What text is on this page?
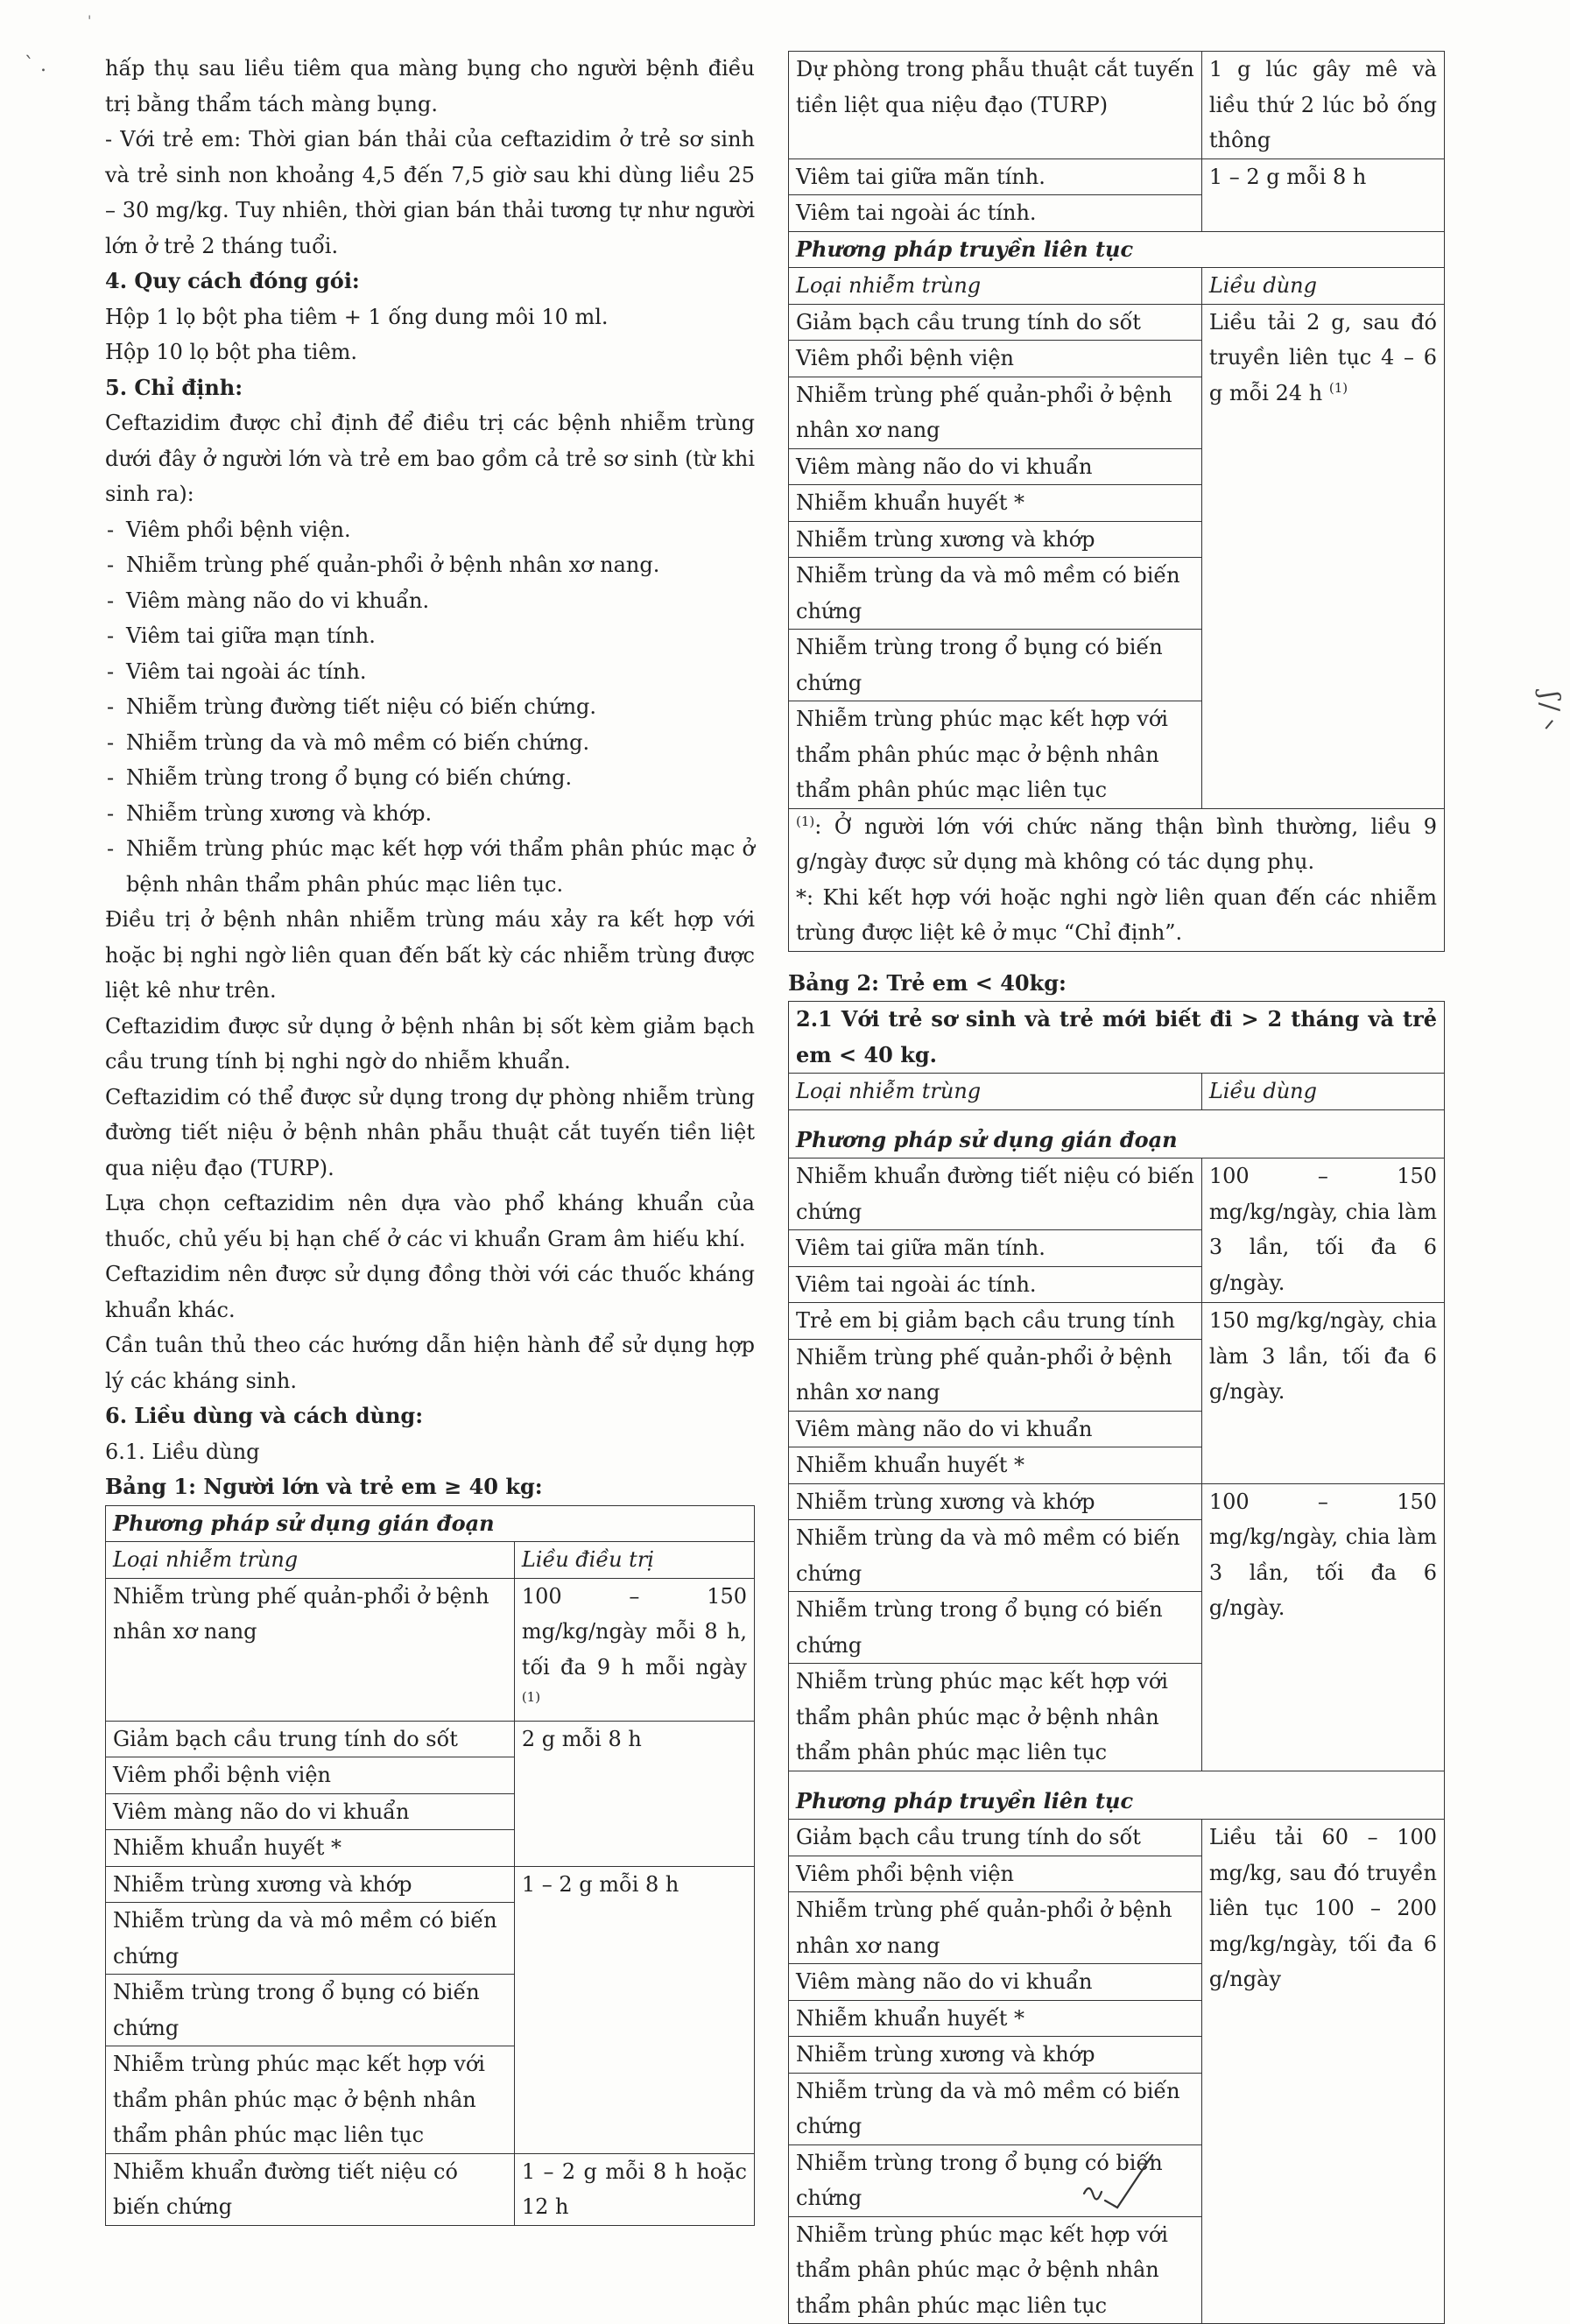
` .
'

hấp thụ sau liều tiêm qua màng bụng cho người bệnh điều trị bằng thẩm tách màng bụng.

- Với trẻ em: Thời gian bán thải của ceftazidim ở trẻ sơ sinh và trẻ sinh non khoảng 4,5 đến 7,5 giờ sau khi dùng liều 25 – 30 mg/kg. Tuy nhiên, thời gian bán thải tương tự như người lớn ở trẻ 2 tháng tuổi.

4. Quy cách đóng gói:

Hộp 1 lọ bột pha tiêm + 1 ống dung môi 10 ml.

Hộp 10 lọ bột pha tiêm.

5. Chỉ định:

Ceftazidim được chỉ định để điều trị các bệnh nhiễm trùng dưới đây ở người lớn và trẻ em bao gồm cả trẻ sơ sinh (từ khi sinh ra):

- Viêm phổi bệnh viện.
- Nhiễm trùng phế quản-phổi ở bệnh nhân xơ nang.
- Viêm màng não do vi khuẩn.
- Viêm tai giữa mạn tính.
- Viêm tai ngoài ác tính.
- Nhiễm trùng đường tiết niệu có biến chứng.
- Nhiễm trùng da và mô mềm có biến chứng.
- Nhiễm trùng trong ổ bụng có biến chứng.
- Nhiễm trùng xương và khớp.
- Nhiễm trùng phúc mạc kết hợp với thẩm phân phúc mạc ở bệnh nhân thẩm phân phúc mạc liên tục.

Điều trị ở bệnh nhân nhiễm trùng máu xảy ra kết hợp với hoặc bị nghi ngờ liên quan đến bất kỳ các nhiễm trùng được liệt kê như trên.

Ceftazidim được sử dụng ở bệnh nhân bị sốt kèm giảm bạch cầu trung tính bị nghi ngờ do nhiễm khuẩn.

Ceftazidim có thể được sử dụng trong dự phòng nhiễm trùng đường tiết niệu ở bệnh nhân phẫu thuật cắt tuyến tiền liệt qua niệu đạo (TURP).

Lựa chọn ceftazidim nên dựa vào phổ kháng khuẩn của thuốc, chủ yếu bị hạn chế ở các vi khuẩn Gram âm hiếu khí.

Ceftazidim nên được sử dụng đồng thời với các thuốc kháng khuẩn khác.

Cần tuân thủ theo các hướng dẫn hiện hành để sử dụng hợp lý các kháng sinh.

6. Liều dùng và cách dùng:

6.1. Liều dùng

Bảng 1: Người lớn và trẻ em ≥ 40 kg:

Phương pháp sử dụng gián đoạn	
Loại nhiễm trùng	Liều điều trị
Nhiễm trùng phế quản-phổi ở bệnh nhân xơ nang	100 – 150 mg/kg/ngày mỗi 8 h, tối đa 9 h mỗi ngày $^{(1)}$
Giảm bạch cầu trung tính do sốt	2 g mỗi 8 h
Viêm phổi bệnh viện	
Viêm màng não do vi khuẩn	
Nhiễm khuẩn huyết *	
Nhiễm trùng xương và khớp	1 – 2 g mỗi 8 h
Nhiễm trùng da và mô mềm có biến chứng	
Nhiễm trùng trong ổ bụng có biến chứng	
Nhiễm trùng phúc mạc kết hợp với thẩm phân phúc mạc ở bệnh nhân thẩm phân phúc mạc liên tục	
Nhiễm khuẩn đường tiết niệu có biến chứng	1 – 2 g mỗi 8 h hoặc 12 h
Dự phòng trong phẫu thuật cắt tuyến tiền liệt qua niệu đạo (TURP)	1 g lúc gây mê và liều thứ 2 lúc bỏ ống thông
Viêm tai giữa mãn tính.	1 – 2 g mỗi 8 h
Viêm tai ngoài ác tính.	
Phương pháp truyền liên tục	
Loại nhiễm trùng	Liều dùng
Giảm bạch cầu trung tính do sốt	Liều tải 2 g, sau đó truyền liên tục 4 – 6 g mỗi 24 h $^{(1)}$
Viêm phổi bệnh viện	
Nhiễm trùng phế quản-phổi ở bệnh nhân xơ nang	
Viêm màng não do vi khuẩn	
Nhiễm khuẩn huyết *	
Nhiễm trùng xương và khớp	
Nhiễm trùng da và mô mềm có biến chứng	
Nhiễm trùng trong ổ bụng có biến chứng	
Nhiễm trùng phúc mạc kết hợp với thẩm phân phúc mạc ở bệnh nhân thẩm phân phúc mạc liên tục	
$^{(1)}$: Ở người lớn với chức năng thận bình thường, liều 9 g/ngày được sử dụng mà không có tác dụng phụ.
*: Khi kết hợp với hoặc nghi ngờ liên quan đến các nhiễm trùng được liệt kê ở mục “Chỉ định”.	

Bảng 2: Trẻ em < 40kg:

2.1 Với trẻ sơ sinh và trẻ mới biết đi > 2 tháng và trẻ em < 40 kg.	
Loại nhiễm trùng	Liều dùng
Phương pháp sử dụng gián đoạn	
Nhiễm khuẩn đường tiết niệu có biến chứng	100 – 150 mg/kg/ngày, chia làm 3 lần, tối đa 6 g/ngày.
Viêm tai giữa mãn tính.	
Viêm tai ngoài ác tính.	
Trẻ em bị giảm bạch cầu trung tính	150 mg/kg/ngày, chia làm 3 lần, tối đa 6 g/ngày.
Nhiễm trùng phế quản-phổi ở bệnh nhân xơ nang	
Viêm màng não do vi khuẩn	
Nhiễm khuẩn huyết *	
Nhiễm trùng xương và khớp	100 – 150 mg/kg/ngày, chia làm 3 lần, tối đa 6 g/ngày.
Nhiễm trùng da và mô mềm có biến chứng	
Nhiễm trùng trong ổ bụng có biến chứng	
Nhiễm trùng phúc mạc kết hợp với thẩm phân phúc mạc ở bệnh nhân thẩm phân phúc mạc liên tục	
Phương pháp truyền liên tục	
Giảm bạch cầu trung tính do sốt	Liều tải 60 – 100 mg/kg, sau đó truyền liên tục 100 – 200 mg/kg/ngày, tối đa 6 g/ngày
Viêm phổi bệnh viện	
Nhiễm trùng phế quản-phổi ở bệnh nhân xơ nang	
Viêm màng não do vi khuẩn	
Nhiễm khuẩn huyết *	
Nhiễm trùng xương và khớp	
Nhiễm trùng da và mô mềm có biến chứng	
Nhiễm trùng trong ổ bụng có biến chứng	
Nhiễm trùng phúc mạc kết hợp với thẩm phân phúc mạc ở bệnh nhân thẩm phân phúc mạc liên tục	
ʃ/ᐟ
